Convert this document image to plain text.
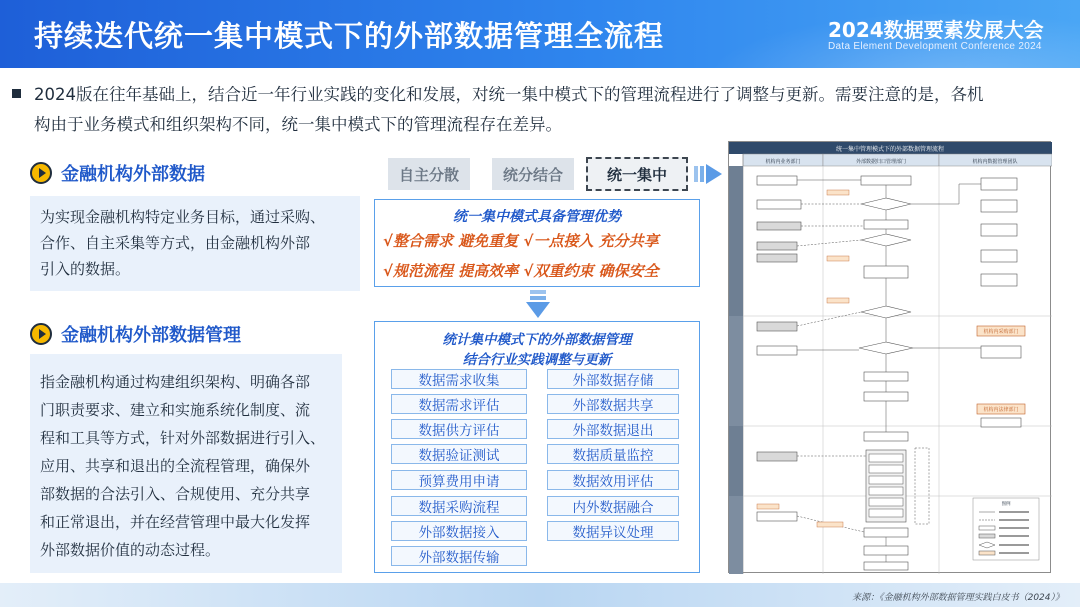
持续迭代统一集中模式下的外部数据管理全流程	2024数据要素发展大会
Data Element Development Conference 2024
2024版在往年基础上，结合近一年行业实践的变化和发展，对统一集中模式下的管理流程进行了调整与更新。需要注意的是，各机
构由于业务模式和组织架构不同，统一集中模式下的管理流程存在差异。
金融机构外部数据

为实现金融机构特定业务目标，通过采购、

合作、自主采集等方式，由金融机构外部

引入的数据。

金融机构外部数据管理

指金融机构通过构建组织架构、明确各部

门职责要求、建立和实施系统化制度、流

程和工具等方式，针对外部数据进行引入、

应用、共享和退出的全流程管理，确保外

部数据的合法引入、合规使用、充分共享

和正常退出，并在经营管理中最大化发挥

外部数据价值的动态过程。

自主分散	统分结合	统一集中
统一集中模式具备管理优势
√整合需求 避免重复 √一点接入 充分共享
√规范流程 提高效率 √双重约束 确保安全
统计集中模式下的外部数据管理
结合行业实践调整与更新
数据需求收集
数据需求评估
数据供方评估
数据验证测试
预算费用申请
数据采购流程
外部数据接入
外部数据传输
外部数据存储
外部数据共享
外部数据退出
数据质量监控
数据效用评估
内外数据融合
数据异议处理
统一集中管理模式下的外部数据管理流程
机构内业务部门	外部数据归口管理部门	机构内数据管理团队
机构内采购部门
机构内法律部门
图例
来源：《金融机构外部数据管理实践白皮书（2024）》
